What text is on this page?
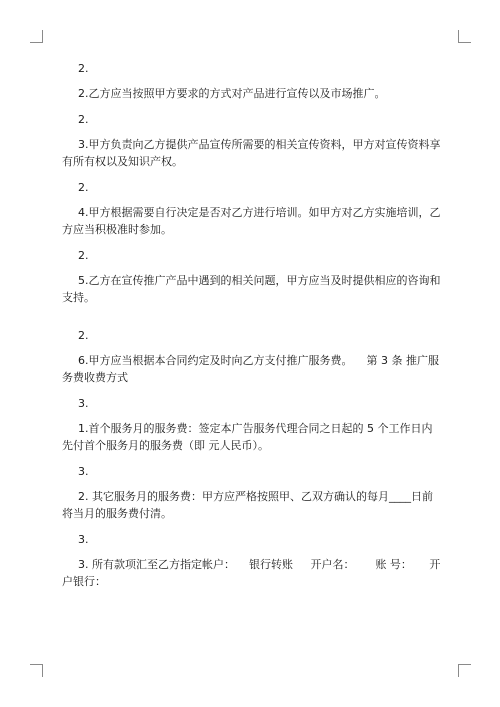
2.
2.乙方应当按照甲方要求的方式对产品进行宣传以及市场推广。
2.
3.甲方负责向乙方提供产品宣传所需要的相关宣传资料，甲方对宣传资料享有所有权以及知识产权。
2.
4.甲方根据需要自行决定是否对乙方进行培训。如甲方对乙方实施培训，乙方应当积极准时参加。
2.
5.乙方在宣传推广产品中遇到的相关问题，甲方应当及时提供相应的咨询和支持。
2.
6.甲方应当根据本合同约定及时向乙方支付推广服务费。    第 3 条 推广服务费收费方式
3.
1.首个服务月的服务费：签定本广告服务代理合同之日起的 5 个工作日内先付首个服务月的服务费（即 元人民币）。
3.
2. 其它服务月的服务费：甲方应严格按照甲、乙双方确认的每月____日前将当月的服务费付清。
3.
3. 所有款项汇至乙方指定帐户：    银行转账     开户名：      账 号：     开户银行：
